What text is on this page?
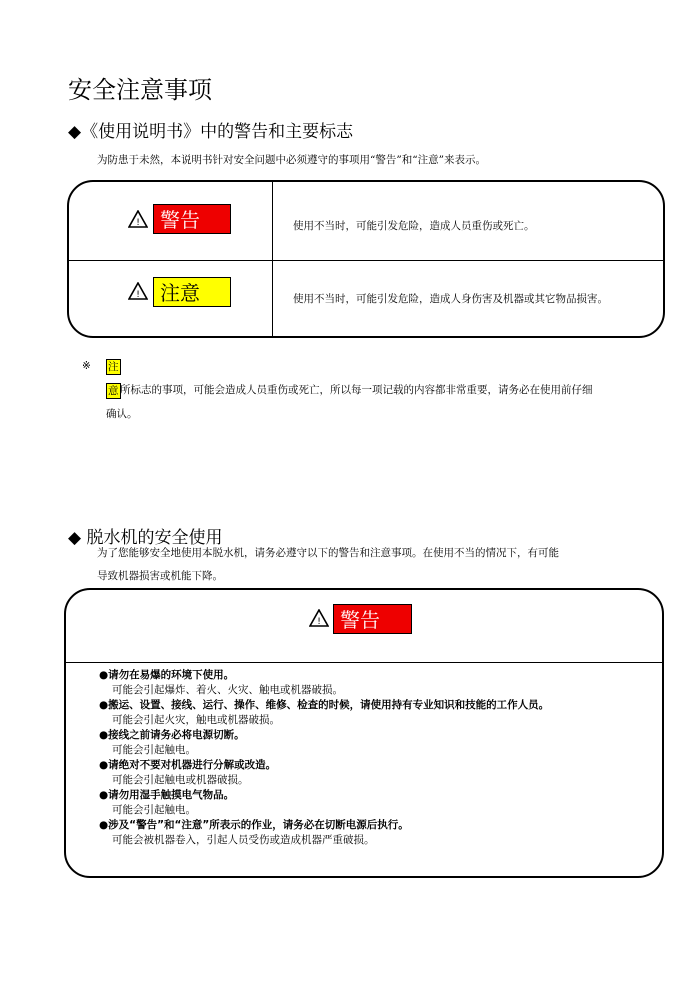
安全注意事项
◆《使用说明书》中的警告和主要标志
为防患于未然，本说明书针对安全问题中必须遵守的事项用“警告”和“注意”来表示。
!	警告	使用不当时，可能引发危险，造成人员重伤或死亡。
!	注意	使用不当时，可能引发危险，造成人身伤害及机器或其它物品损害。
※ 注
意 所标志的事项，可能会造成人员重伤或死亡，所以每一项记载的内容都非常重要，请务必在使用前仔细
确认。
◆ 脱水机的安全使用
为了您能够安全地使用本脱水机，请务必遵守以下的警告和注意事项。在使用不当的情况下，有可能
导致机器损害或机能下降。
! 警告
●请勿在易爆的环境下使用。
可能会引起爆炸、着火、火灾、触电或机器破损。
●搬运、设置、接线、运行、操作、维修、检查的时候，请使用持有专业知识和技能的工作人员。
可能会引起火灾，触电或机器破损。
●接线之前请务必将电源切断。
可能会引起触电。
●请绝对不要对机器进行分解或改造。
可能会引起触电或机器破损。
●请勿用湿手触摸电气物品。
可能会引起触电。
●涉及“警告”和“注意”所表示的作业，请务必在切断电源后执行。
可能会被机器卷入，引起人员受伤或造成机器严重破损。
